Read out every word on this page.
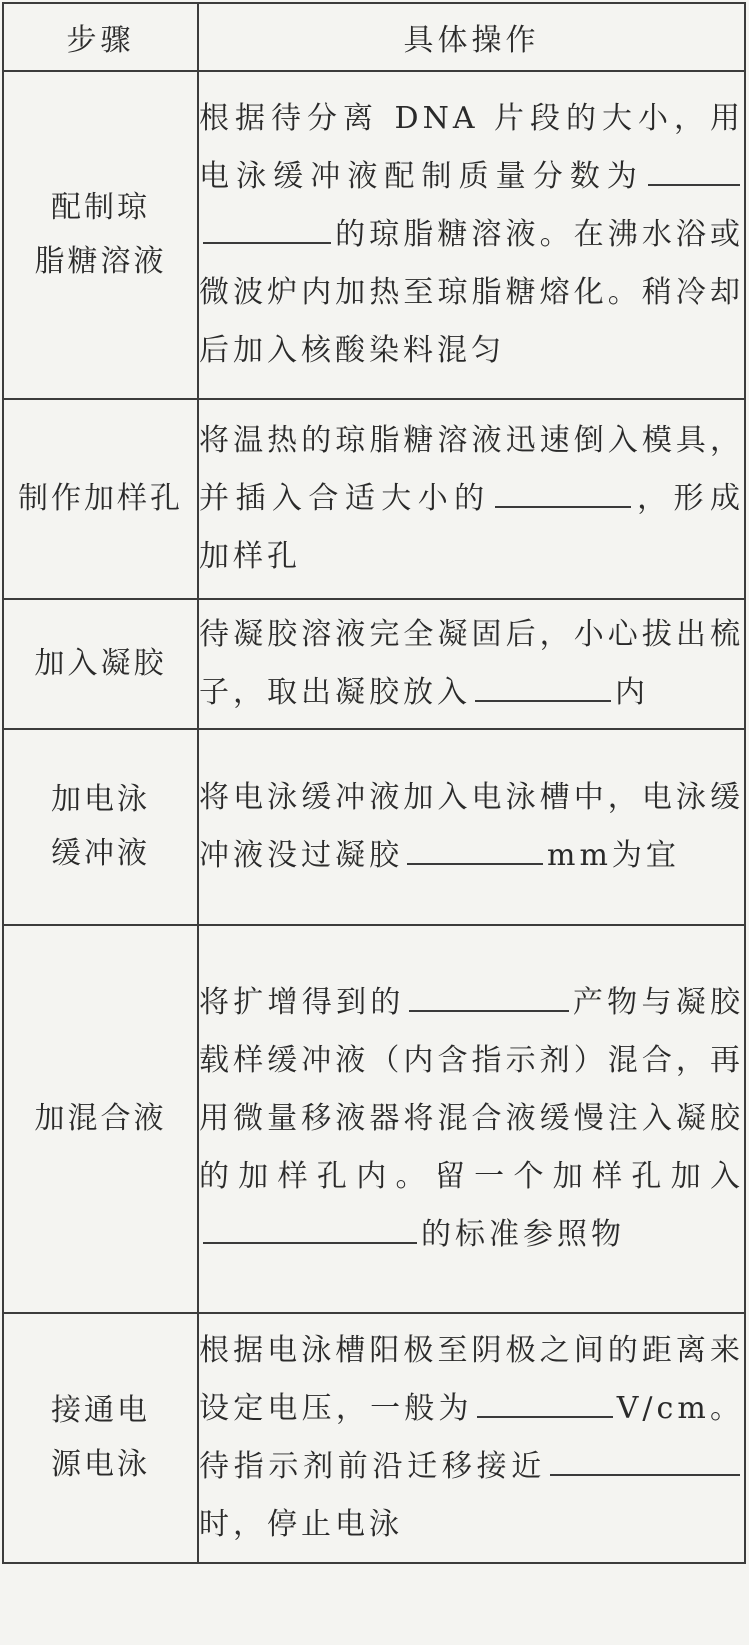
步骤	具体操作

配制琼
脂糖溶液	根据待分离 DNA 片段的大小，用电泳缓冲液配制质量分数为的琼脂糖溶液。在沸水浴或微波炉内加热至琼脂糖熔化。稍冷却后加入核酸染料混匀

制作加样孔	将温热的琼脂糖溶液迅速倒入模具，并插入合适大小的 ，形成加样孔

加入凝胶	待凝胶溶液完全凝固后，小心拔出梳子，取出凝胶放入 内

加电泳
缓冲液	将电泳缓冲液加入电泳槽中，电泳缓冲液没过凝胶 mm为宜

加混合液	将扩增得到的 产物与凝胶载样缓冲液（内含指示剂）混合，再用微量移液器将混合液缓慢注入凝胶的加样孔内。留一个加样孔加入的标准参照物

接通电
源电泳	根据电泳槽阳极至阴极之间的距离来设定电压，一般为 V/cm。待指示剂前沿迁移接近时，停止电泳
